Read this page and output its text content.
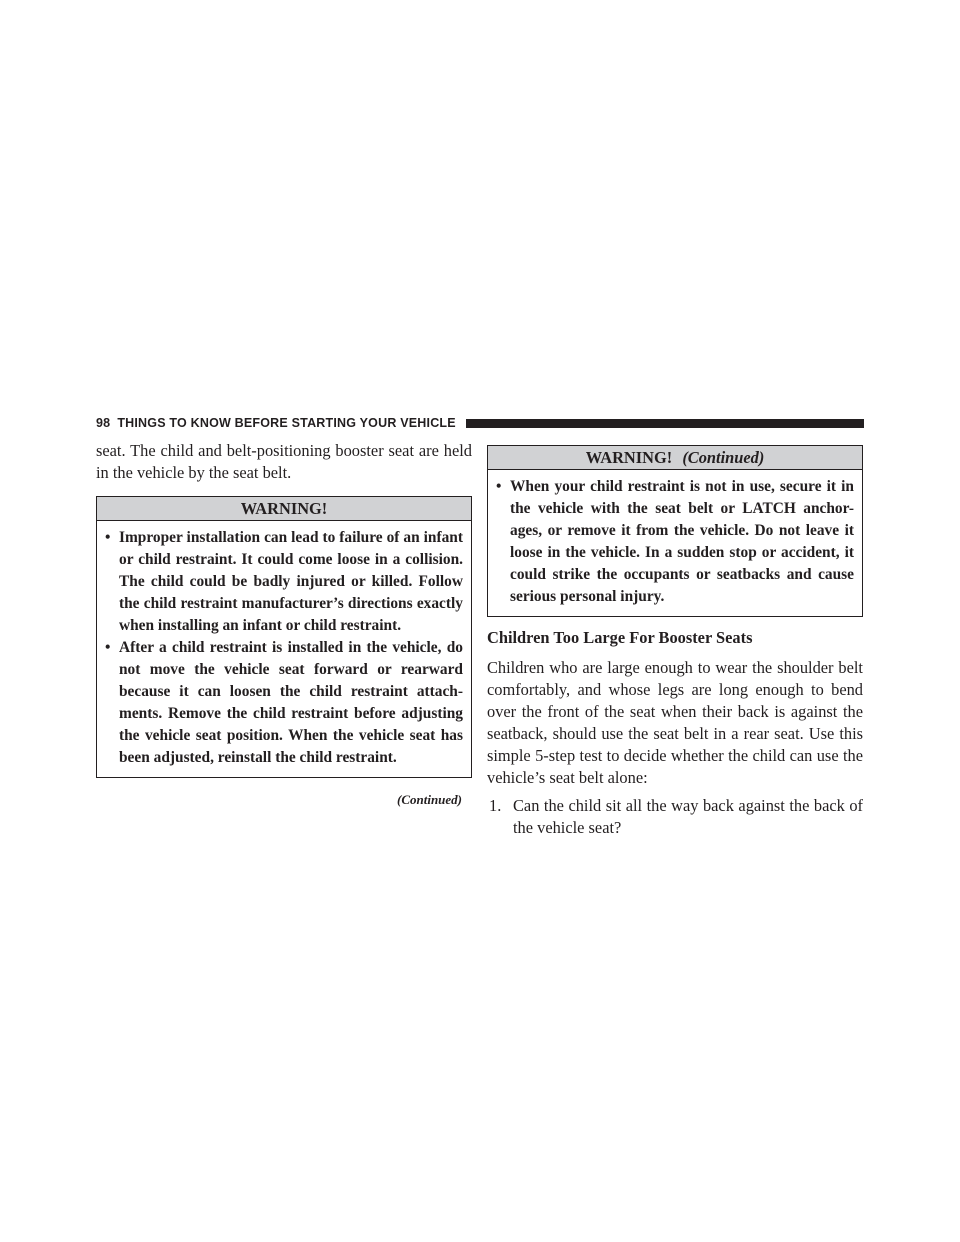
98 THINGS TO KNOW BEFORE STARTING YOUR VEHICLE

seat. The child and belt-positioning booster seat are held in the vehicle by the seat belt.

WARNING!
• Improper installation can lead to failure of an infant or child restraint. It could come loose in a collision. The child could be badly injured or killed. Follow the child restraint manufacturer’s directions exactly when installing an infant or child restraint.
• After a child restraint is installed in the vehicle, do not move the vehicle seat forward or rearward because it can loosen the child restraint attach- ments. Remove the child restraint before adjusting the vehicle seat position. When the vehicle seat has been adjusted, reinstall the child restraint.
(Continued)
WARNING! (Continued)
• When your child restraint is not in use, secure it in the vehicle with the seat belt or LATCH anchor- ages, or remove it from the vehicle. Do not leave it loose in the vehicle. In a sudden stop or accident, it could strike the occupants or seatbacks and cause serious personal injury.
Children Too Large For Booster Seats

Children who are large enough to wear the shoulder belt comfortably, and whose legs are long enough to bend over the front of the seat when their back is against the seatback, should use the seat belt in a rear seat. Use this simple 5-step test to decide whether the child can use the vehicle’s seat belt alone:

1. Can the child sit all the way back against the back of the vehicle seat?
